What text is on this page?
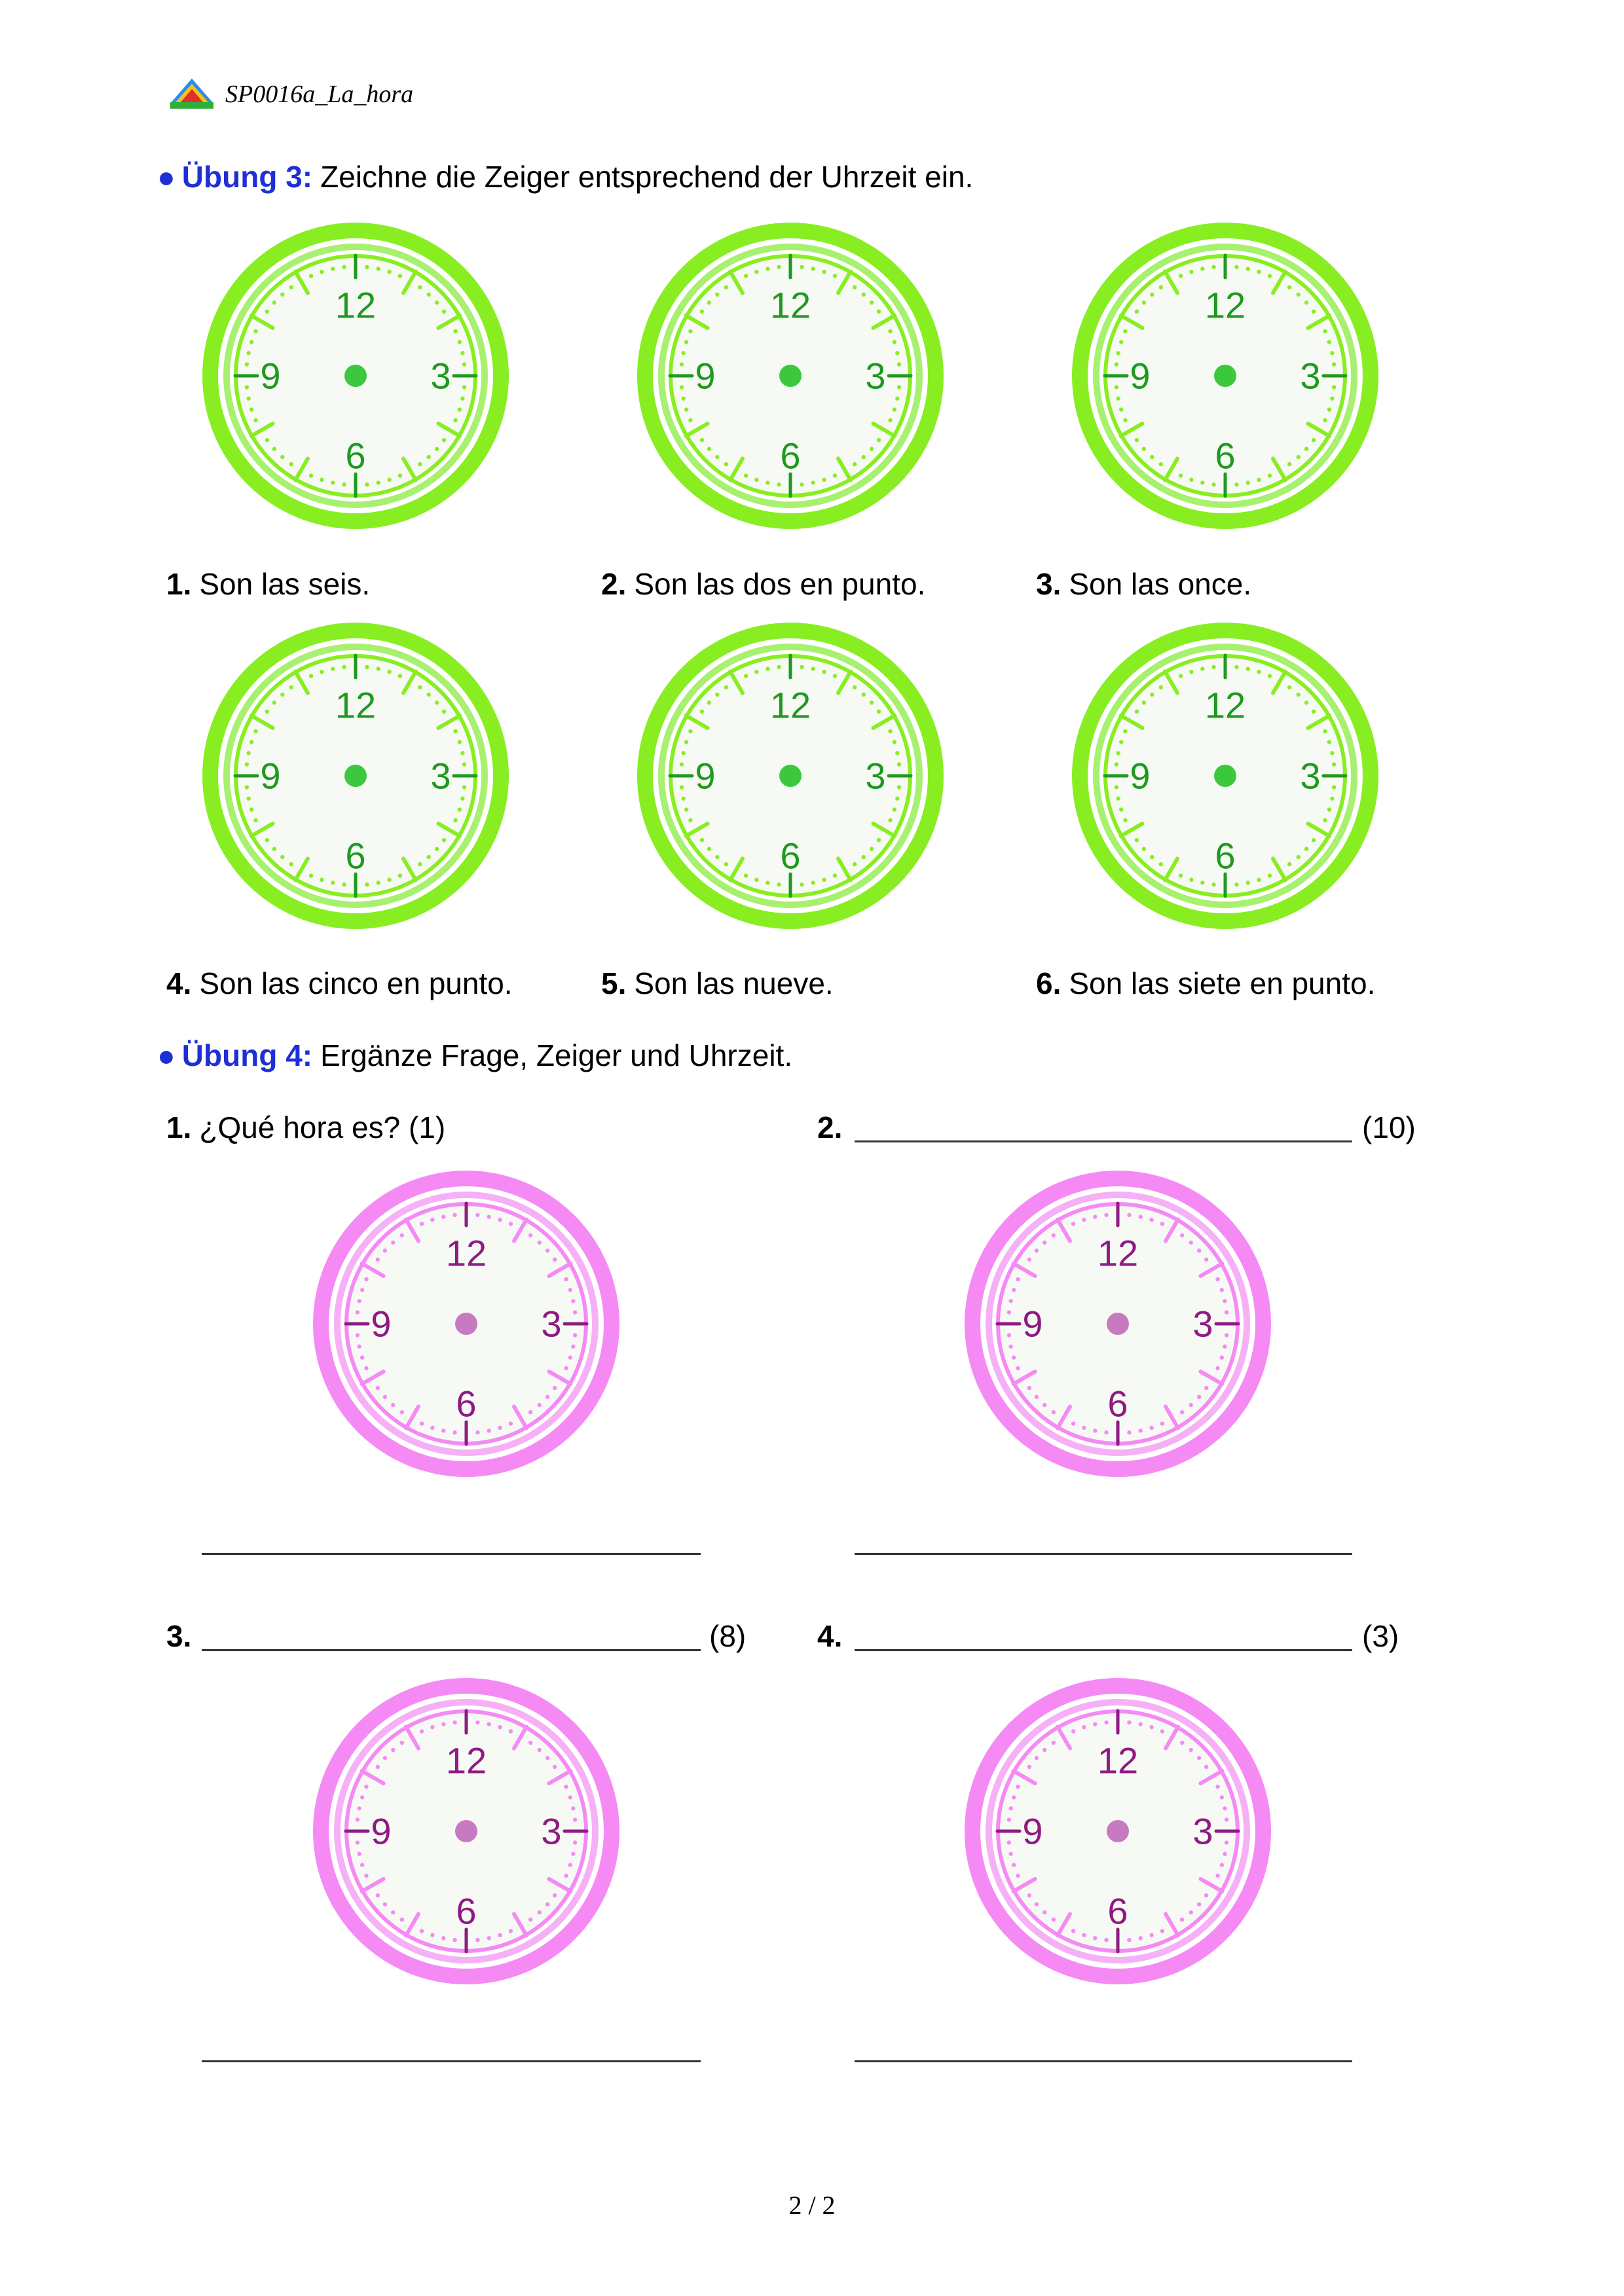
SP0016a_La_hora
● Übung 3: Zeichne die Zeiger entsprechend der Uhrzeit ein.
12
3
6
9
12
3
6
9
12
3
6
9
1. Son las seis.	2. Son las dos en punto.	3. Son las once.
12
3
6
9
12
3
6
9
12
3
6
9
4. Son las cinco en punto.	5. Son las nueve.	6. Son las siete en punto.
● Übung 4: Ergänze Frage, Zeiger und Uhrzeit.
1. ¿Qué hora es? (1)
12
3
6
9
2.	(10)
12
3
6
9
3.	(8)
12
3
6
9
4.	(3)
12
3
6
9
2 / 2
